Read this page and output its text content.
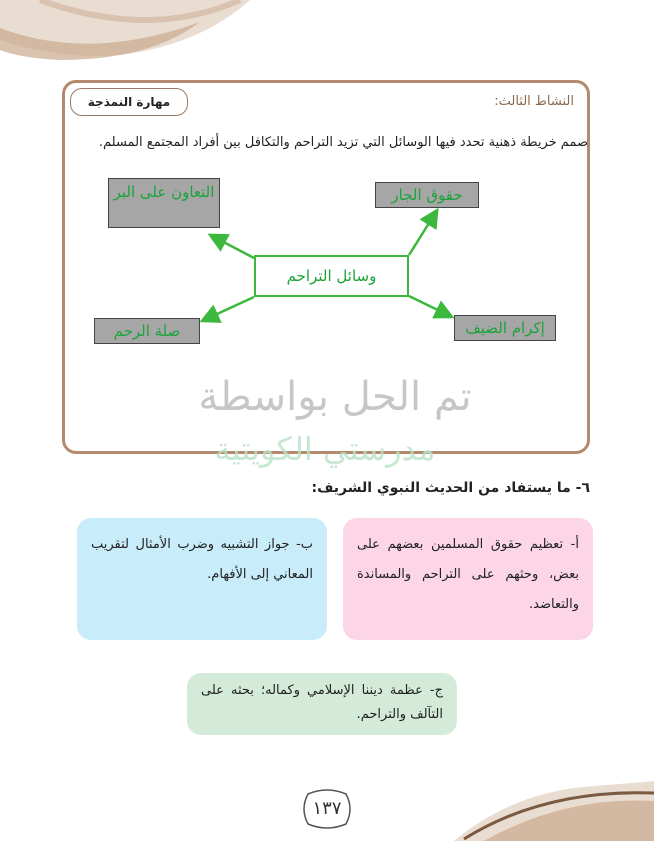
النشاط الثالث:
مهارة النمذجة
صمم خريطة ذهنية تحدد فيها الوسائل التي تزيد التراحم والتكافل بين أفراد المجتمع المسلم.
وسائل التراحم
حقوق الجار
التعاون على البر
إكرام الضيف
صلة الرحم
تم الحل بواسطة
مدرستي الكويتية
٦- ما يستفاد من الحديث النبوي الشريف:
أ- تعظيم حقوق المسلمين بعضهم على بعض، وحثهم على التراحم والمساندة والتعاضد.
ب- جواز التشبيه وضرب الأمثال لتقريب المعاني إلى الأفهام.
ج- عظمة ديننا الإسلامي وكماله؛ بحثه على التآلف والتراحم.
١٣٧
